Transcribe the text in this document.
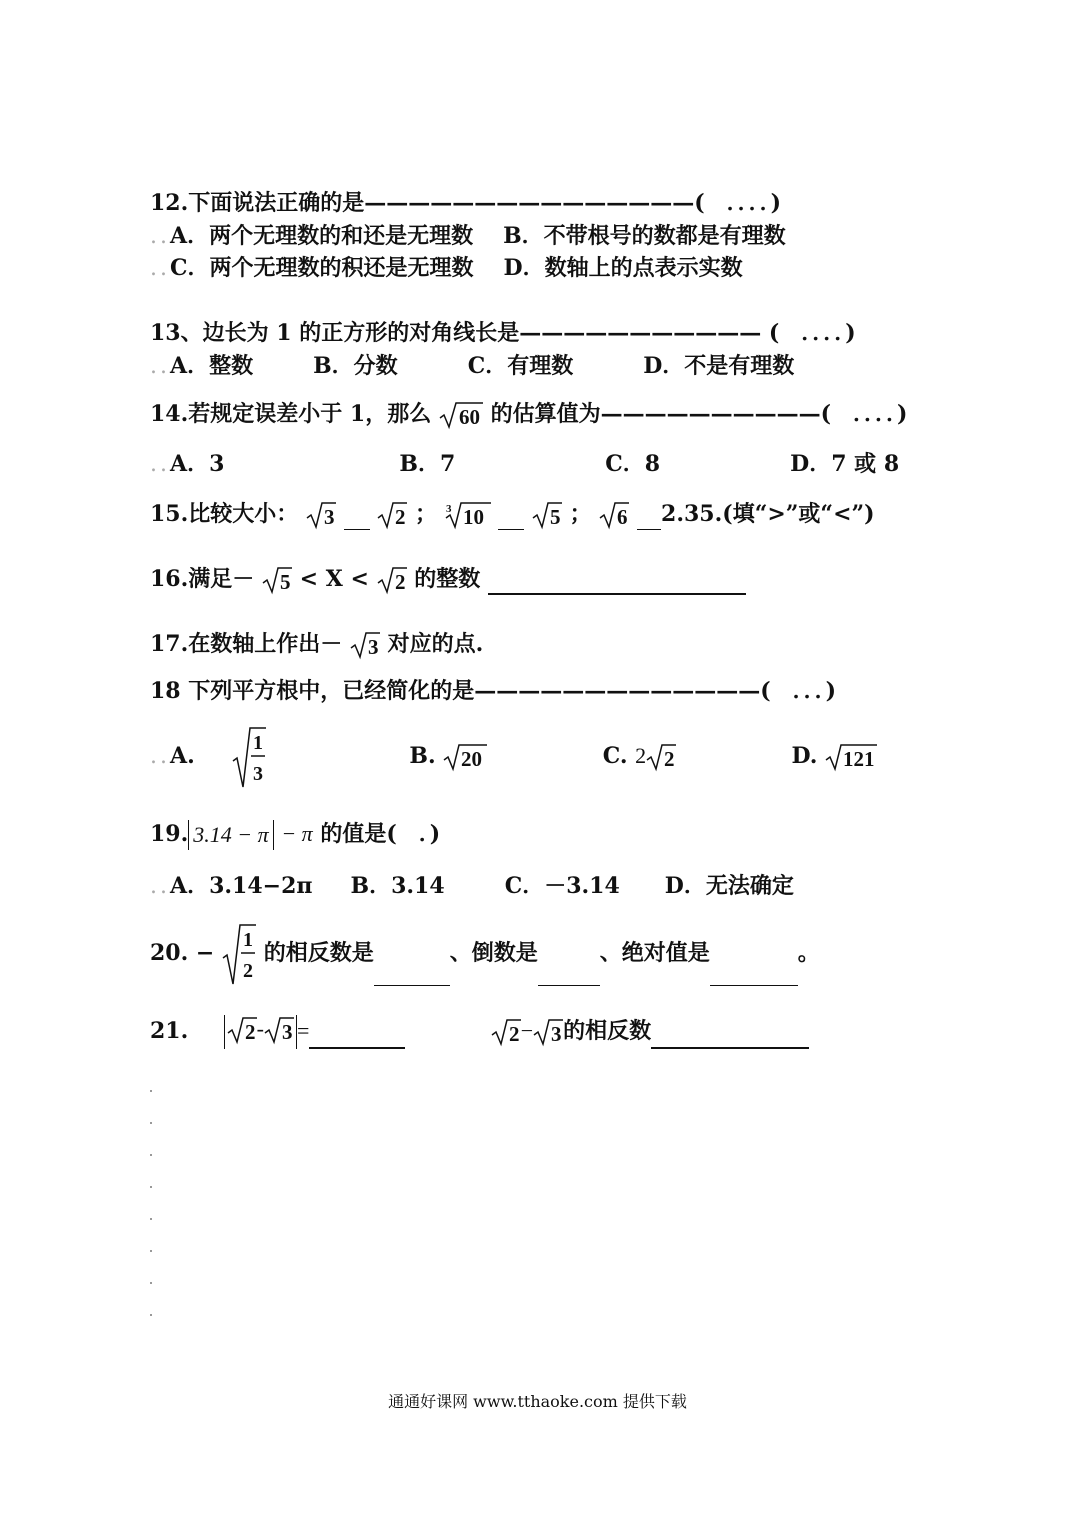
12.下面说法正确的是———————————————(　．．．．)
..A．两个无理数的和还是无理数 B．不带根号的数都是有理数
..C．两个无理数的积还是无理数 D．数轴上的点表示实数
13、边长为 1 的正方形的对角线长是——————————— (　．．．．)
..A．整数	B．分数	C．有理数	D．不是有理数
14.若规定误差小于 1，那么 60 的估算值为——————————(　．．．．)
..A．3	B．7	C．8	D．7 或 8
15.比较大小： 3
	2 ； 3 10
	5 ； 6 2.35.(填“>”或“<”)
16.满足－ 5 < X < 2 的整数
17.在数轴上作出－ 3 对应的点.
18 下列平方根中，已经简化的是—————————————(　．．．)
..A.	1
3
B. 20	C. 2 2	D. 121
19. 3.14 − π − π 的值是(　．)
..A．3.14−2π B．3.14	C．－3.14 D．无法确定
20. − 1
2
的相反数是	、倒数是	、绝对值是	。
21.	2 - 3 =	2 − 3 的相反数
通通好课网 www.tthaoke.com 提供下载
